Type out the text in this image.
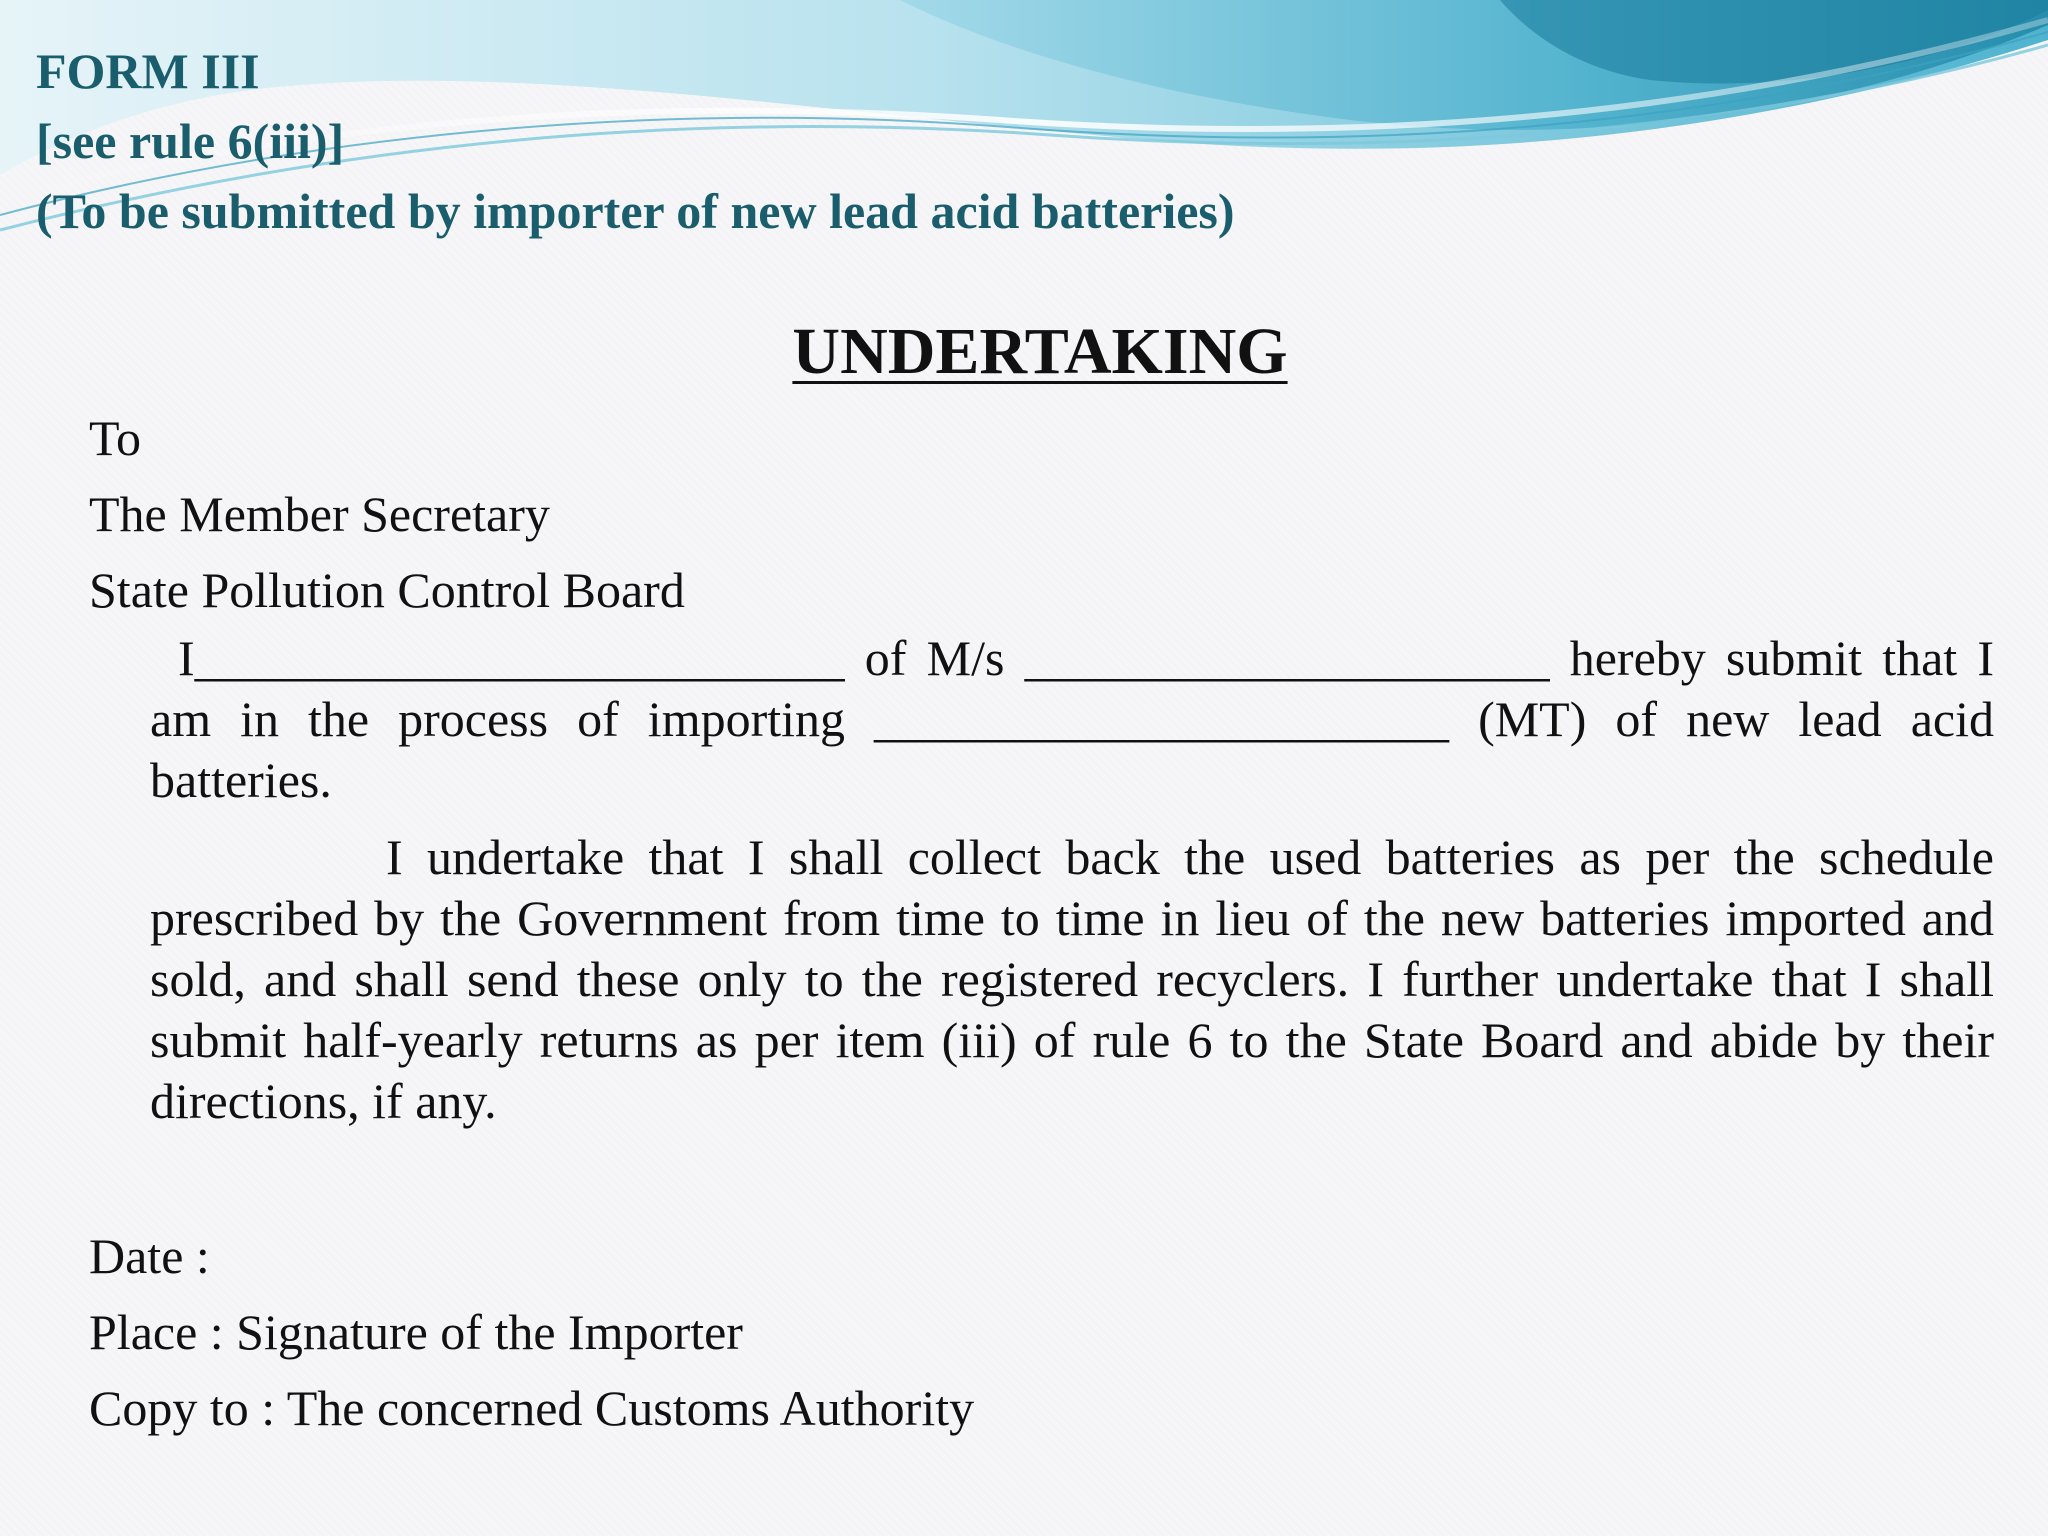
FORM III
[see rule 6(iii)]
(To be submitted by importer of new lead acid batteries)
UNDERTAKING
To
The Member Secretary
State Pollution Control Board
I__________________________ of M/s _____________________ hereby submit that I am in the process of importing _______________________ (MT) of new lead acid batteries.
I undertake that I shall collect back the used batteries as per the schedule prescribed by the Government from time to time in lieu of the new batteries imported and sold, and shall send these only to the registered recyclers. I further undertake that I shall submit half-yearly returns as per item (iii) of rule 6 to the State Board and abide by their directions, if any.
Date :
Place : Signature of the Importer
Copy to : The concerned Customs Authority
